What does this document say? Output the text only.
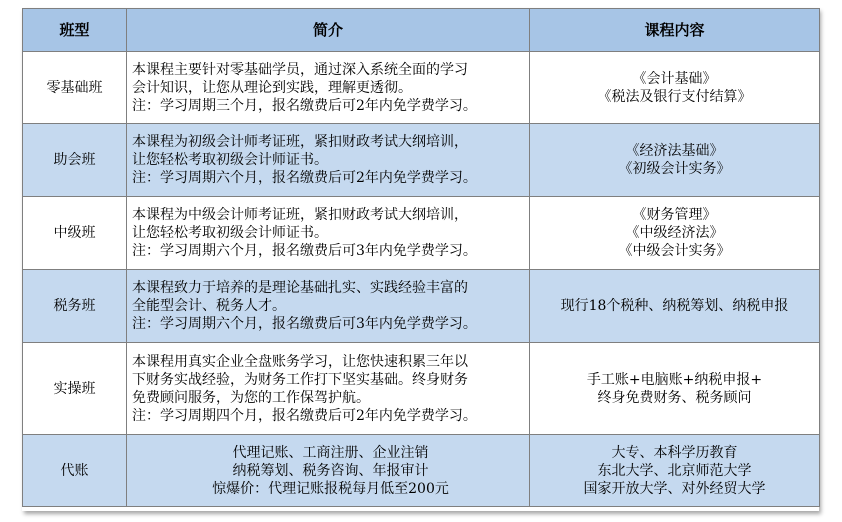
班型	简介	课程内容
零基础班	本课程主要针对零基础学员，通过深入系统全面的学习
会计知识，让您从理论到实践，理解更透彻。
注：学习周期三个月，报名缴费后可2年内免学费学习。	《会计基础》
《税法及银行支付结算》

助会班	本课程为初级会计师考证班，紧扣财政考试大纲培训，
让您轻松考取初级会计师证书。
注：学习周期六个月，报名缴费后可2年内免学费学习。	《经济法基础》
《初级会计实务》

中级班	本课程为中级会计师考证班，紧扣财政考试大纲培训，
让您轻松考取初级会计师证书。
注：学习周期六个月，报名缴费后可3年内免学费学习。	《财务管理》
《中级经济法》
《中级会计实务》

税务班	本课程致力于培养的是理论基础扎实、实践经验丰富的
全能型会计、税务人才。
注：学习周期六个月，报名缴费后可3年内免学费学习。	现行18个税种、纳税筹划、纳税申报

实操班	本课程用真实企业全盘账务学习，让您快速积累三年以
下财务实战经验，为财务工作打下坚实基础。终身财务
免费顾问服务，为您的工作保驾护航。
注：学习周期四个月，报名缴费后可2年内免学费学习。	手工账+电脑账+纳税申报+
终身免费财务、税务顾问

代账	代理记账、工商注册、企业注销
纳税筹划、税务咨询、年报审计
惊爆价：代理记账报税每月低至200元	大专、本科学历教育
东北大学、北京师范大学
国家开放大学、对外经贸大学
